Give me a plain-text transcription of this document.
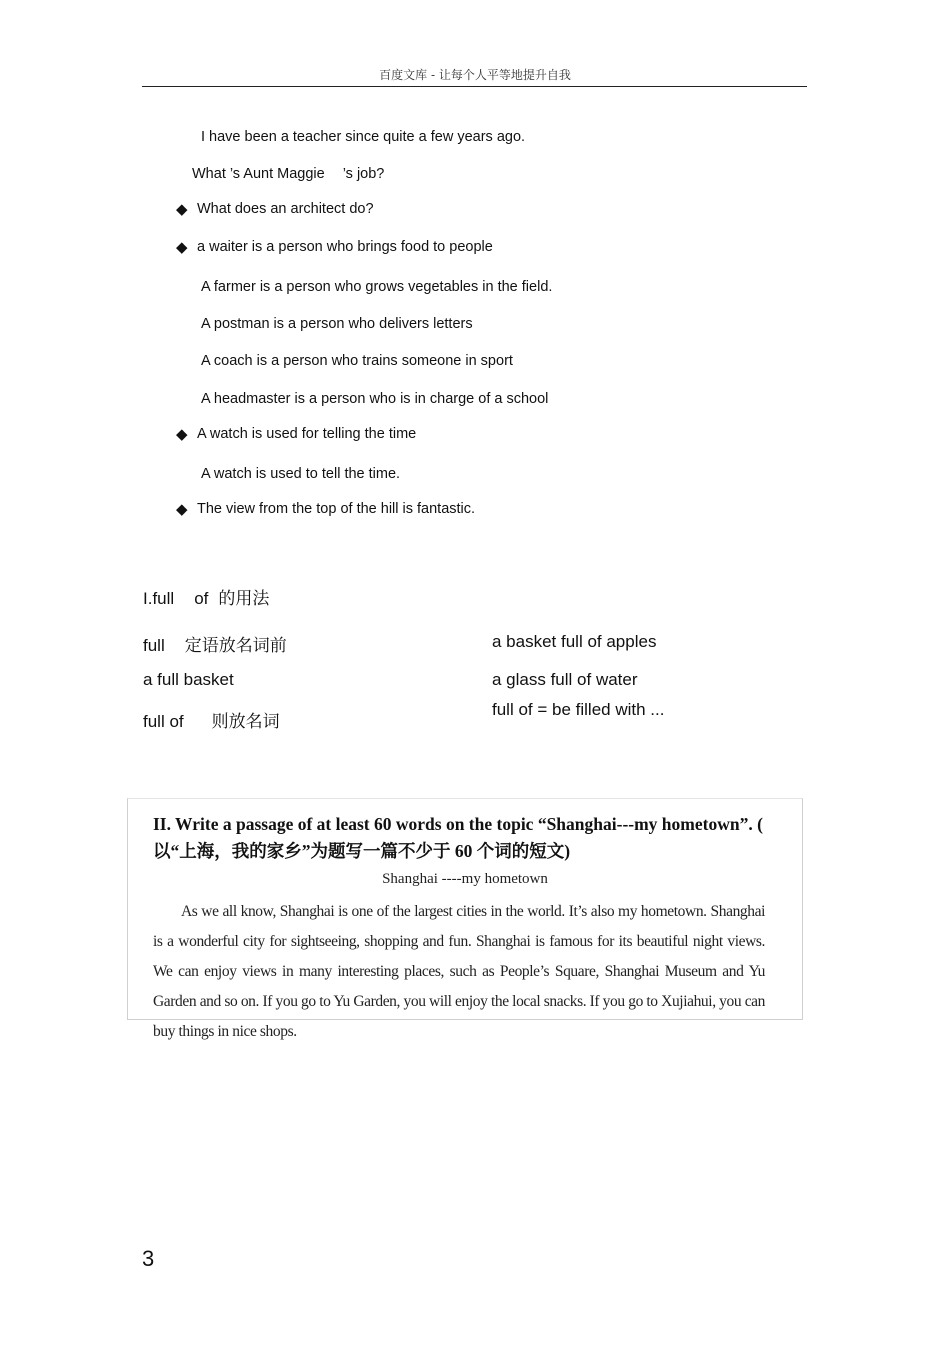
百度文库 - 让每个人平等地提升自我
I have been a teacher since quite a few years ago.
What ’s Aunt Maggie ’s job?
◆ What does an architect do?
◆ a waiter is a person who brings food to people
A farmer is a person who grows vegetables in the field.
A postman is a person who delivers letters
A coach is a person who trains someone in sport
A headmaster is a person who is in charge of a school
◆ A watch is used for telling the time
A watch is used to tell the time.
◆ The view from the top of the hill is fantastic.
I.full of 的用法
full 定语放名词前
a full basket
full of 则放名词
a basket full of apples
a glass full of water
full of = be filled with ...
II. Write a passage of at least 60 words on the topic “Shanghai---my hometown”. ( 以“上海，我的家乡”为题写一篇不少于 60 个词的短文)
Shanghai ----my hometown
As we all know, Shanghai is one of the largest cities in the world. It’s also my hometown. Shanghai is a wonderful city for sightseeing, shopping and fun. Shanghai is famous for its beautiful night views. We can enjoy views in many interesting places, such as People’s Square, Shanghai Museum and Yu Garden and so on. If you go to Yu Garden, you will enjoy the local snacks. If you go to Xujiahui, you can buy things in nice shops.
3
